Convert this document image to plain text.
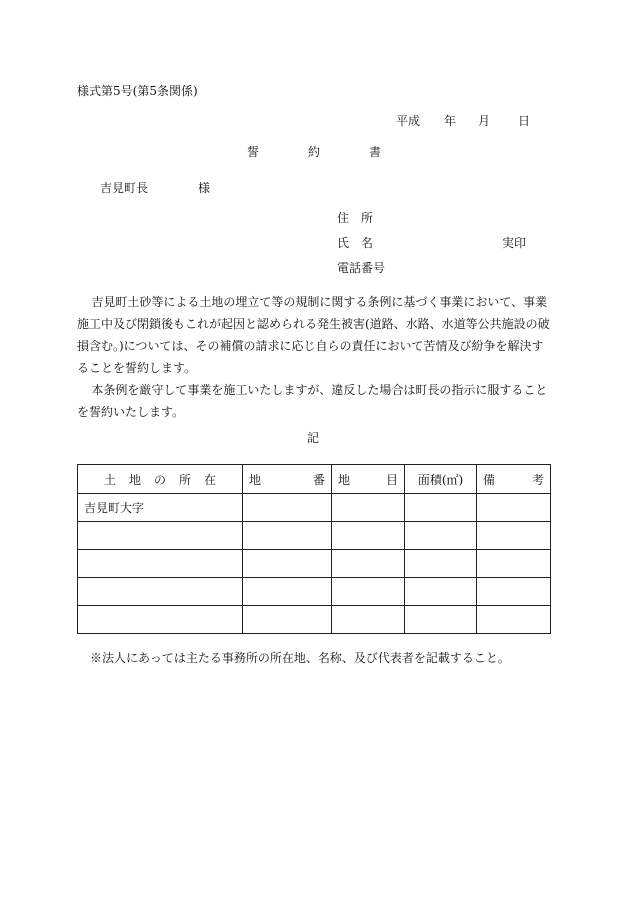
様式第5号(第5条関係)
平成 年 月 日
誓	約	書
吉見町長	様
住　所
氏　名	実印
電話番号

吉見町土砂等による土地の埋立て等の規制に関する条例に基づく事業において、事業施工中及び閉鎖後もこれが起因と認められる発生被害(道路、水路、水道等公共施設の破損含む。)については、その補償の請求に応じ自らの責任において苦情及び紛争を解決することを誓約します。

本条例を厳守して事業を施工いたしますが、違反した場合は町長の指示に服することを誓約いたします。

記
土 地 の 所 在	地 番	地 目	面積(㎡)	備 考

吉見町大字				

※法人にあっては主たる事務所の所在地、名称、及び代表者を記載すること。
